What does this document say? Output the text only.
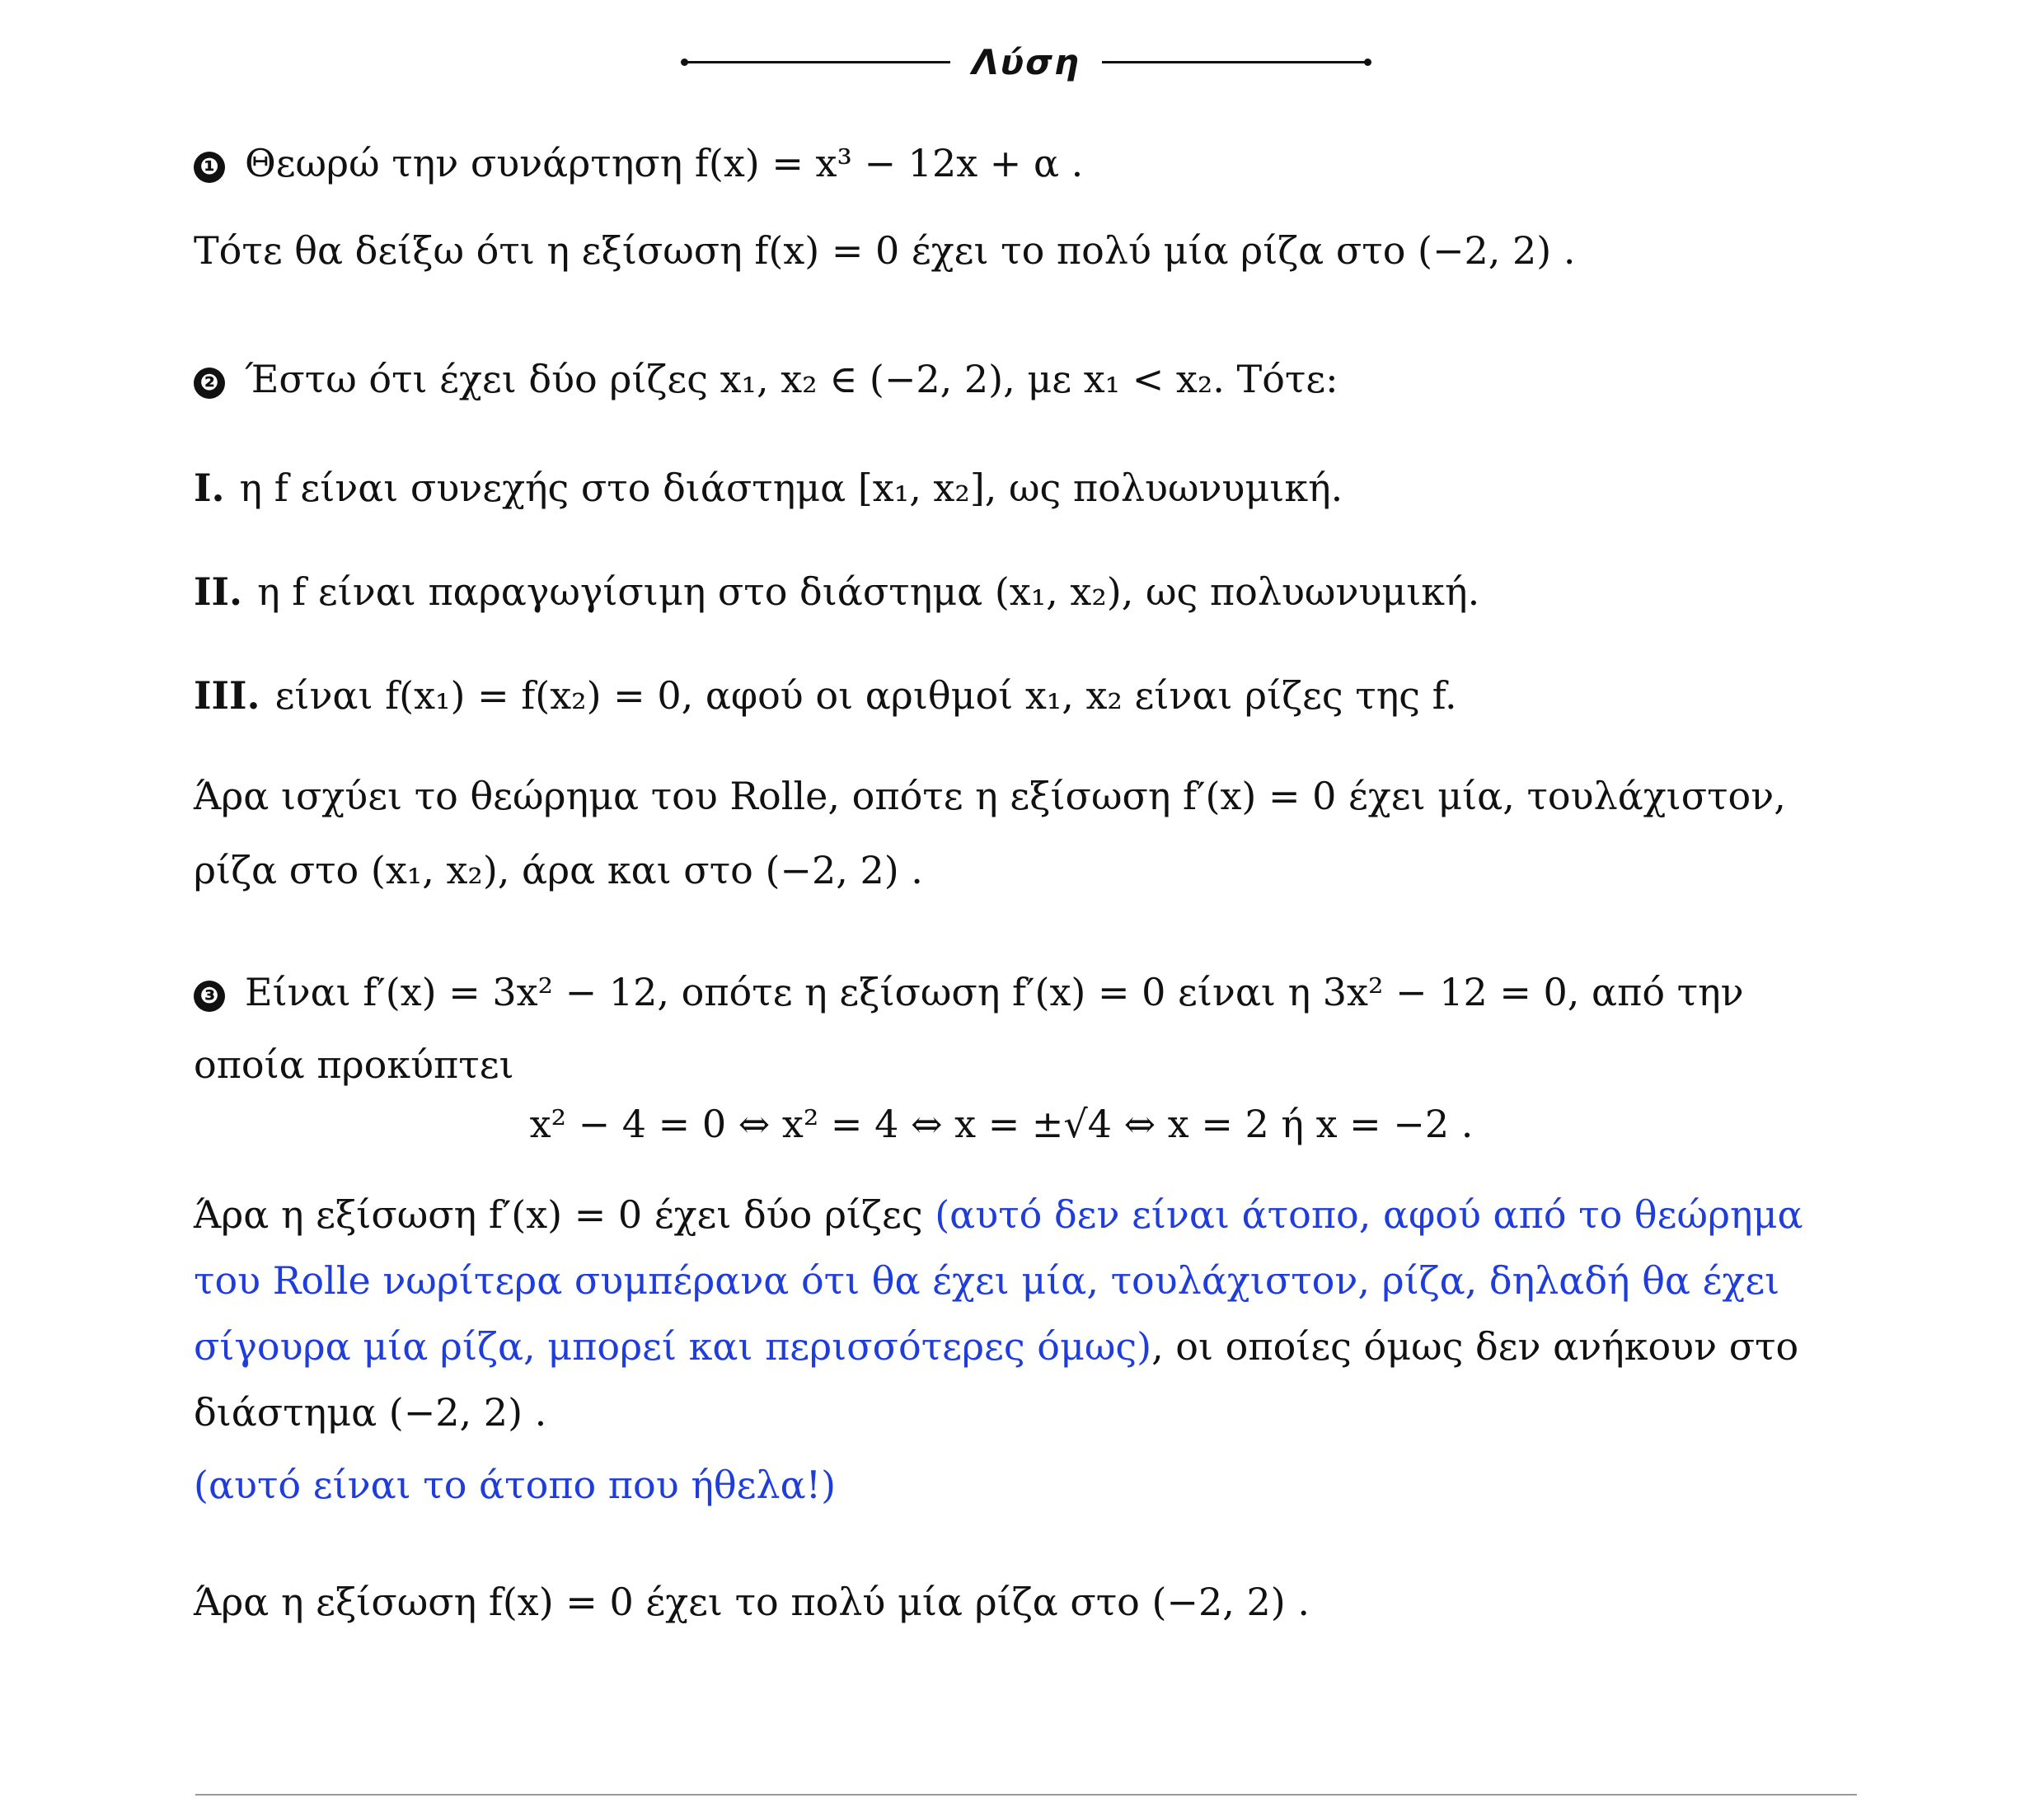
Λύση

❶ Θεωρώ την συνάρτηση f(x) = x³ − 12x + α .

Τότε θα δείξω ότι η εξίσωση f(x) = 0 έχει το πολύ μία ρίζα στο (−2, 2) .

❷ Έστω ότι έχει δύο ρίζες x₁, x₂ ∈ (−2, 2), με x₁ < x₂. Τότε:

I. η f είναι συνεχής στο διάστημα [x₁, x₂], ως πολυωνυμική.

II. η f είναι παραγωγίσιμη στο διάστημα (x₁, x₂), ως πολυωνυμική.

III. είναι f(x₁) = f(x₂) = 0, αφού οι αριθμοί x₁, x₂ είναι ρίζες της f.

Άρα ισχύει το θεώρημα του Rolle, οπότε η εξίσωση f′(x) = 0 έχει μία, τουλάχιστον,

ρίζα στο (x₁, x₂), άρα και στο (−2, 2) .

❸ Είναι f′(x) = 3x² − 12, οπότε η εξίσωση f′(x) = 0 είναι η 3x² − 12 = 0, από την

οποία προκύπτει

x² − 4 = 0 ⇔ x² = 4 ⇔ x = ±√4 ⇔ x = 2 ή x = −2 .

Άρα η εξίσωση f′(x) = 0 έχει δύο ρίζες (αυτό δεν είναι άτοπο, αφού από το θεώρημα του Rolle νωρίτερα συμπέρανα ότι θα έχει μία, τουλάχιστον, ρίζα, δηλαδή θα έχει σίγουρα μία ρίζα, μπορεί και περισσότερες όμως), οι οποίες όμως δεν ανήκουν στο διάστημα (−2, 2) .

(αυτό είναι το άτοπο που ήθελα!)

Άρα η εξίσωση f(x) = 0 έχει το πολύ μία ρίζα στο (−2, 2) .
